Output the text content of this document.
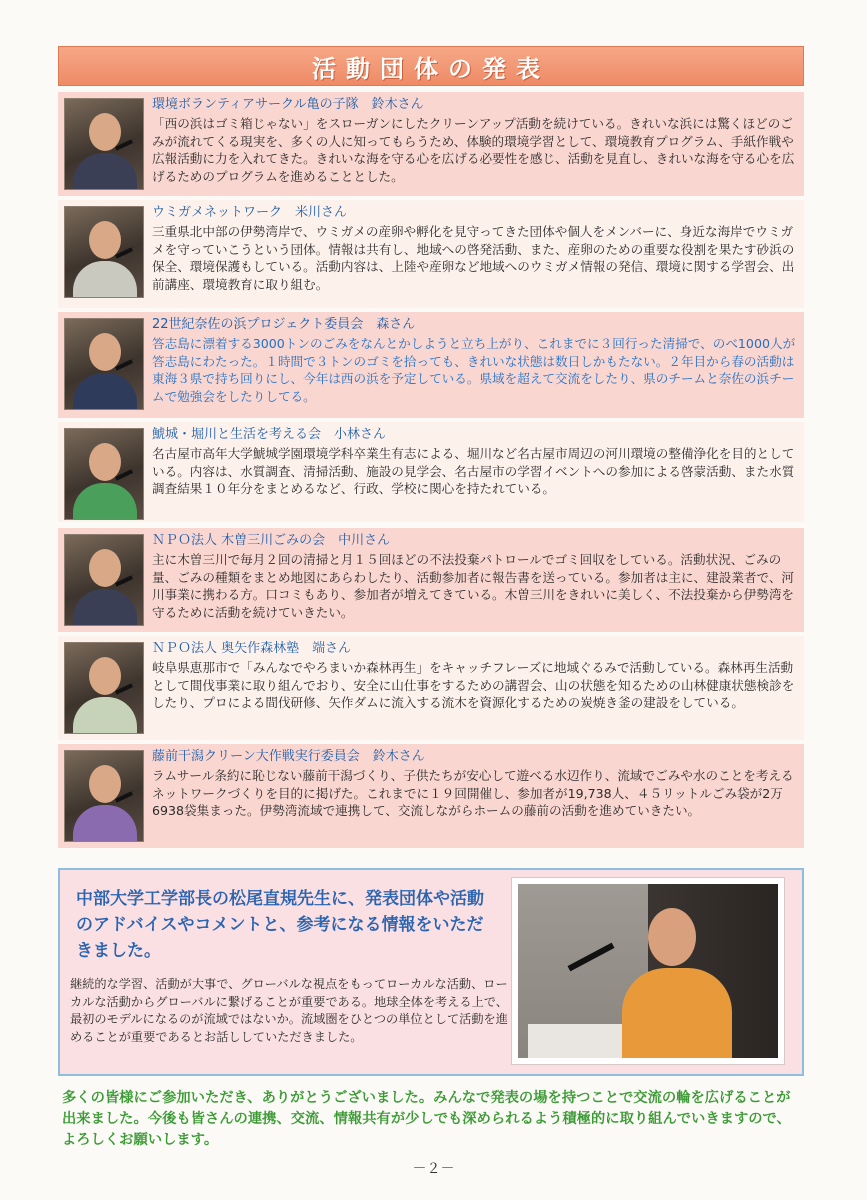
活動団体の発表
環境ボランティアサークル亀の子隊　鈴木さん
「西の浜はゴミ箱じゃない」をスローガンにしたクリーンアップ活動を続けている。きれいな浜には驚くほどのごみが流れてくる現実を、多くの人に知ってもらうため、体験的環境学習として、環境教育プログラム、手紙作戦や広報活動に力を入れてきた。きれいな海を守る心を広げる必要性を感じ、活動を見直し、きれいな海を守る心を広げるためのプログラムを進めることとした。
ウミガメネットワーク　米川さん
三重県北中部の伊勢湾岸で、ウミガメの産卵や孵化を見守ってきた団体や個人をメンバーに、身近な海岸でウミガメを守っていこうという団体。情報は共有し、地域への啓発活動、また、産卵のための重要な役割を果たす砂浜の保全、環境保護もしている。活動内容は、上陸や産卵など地域へのウミガメ情報の発信、環境に関する学習会、出前講座、環境教育に取り組む。
22世紀奈佐の浜プロジェクト委員会　森さん
答志島に漂着する3000トンのごみをなんとかしようと立ち上がり、これまでに３回行った清掃で、のべ1000人が答志島にわたった。１時間で３トンのゴミを拾っても、きれいな状態は数日しかもたない。２年目から春の活動は東海３県で持ち回りにし、今年は西の浜を予定している。県域を超えて交流をしたり、県のチームと奈佐の浜チームで勉強会をしたりしてる。
鯱城・堀川と生活を考える会　小林さん
名古屋市高年大学鯱城学園環境学科卒業生有志による、堀川など名古屋市周辺の河川環境の整備浄化を目的としている。内容は、水質調査、清掃活動、施設の見学会、名古屋市の学習イベントへの参加による啓蒙活動、また水質調査結果１０年分をまとめるなど、行政、学校に関心を持たれている。
ＮＰＯ法人 木曽三川ごみの会　中川さん
主に木曽三川で毎月２回の清掃と月１５回ほどの不法投棄パトロールでゴミ回収をしている。活動状況、ごみの量、ごみの種類をまとめ地図にあらわしたり、活動参加者に報告書を送っている。参加者は主に、建設業者で、河川事業に携わる方。口コミもあり、参加者が増えてきている。木曽三川をきれいに美しく、不法投棄から伊勢湾を守るために活動を続けていきたい。
ＮＰＯ法人 奥矢作森林塾　端さん
岐阜県恵那市で「みんなでやろまいか森林再生」をキャッチフレーズに地域ぐるみで活動している。森林再生活動として間伐事業に取り組んでおり、安全に山仕事をするための講習会、山の状態を知るための山林健康状態検診をしたり、プロによる間伐研修、矢作ダムに流入する流木を資源化するための炭焼き釜の建設をしている。
藤前干潟クリーン大作戦実行委員会　鈴木さん
ラムサール条約に恥じない藤前干潟づくり、子供たちが安心して遊べる水辺作り、流域でごみや水のことを考えるネットワークづくりを目的に掲げた。これまでに１９回開催し、参加者が19,738人、４５リットルごみ袋が2万6938袋集まった。伊勢湾流域で連携して、交流しながらホームの藤前の活動を進めていきたい。
中部大学工学部長の松尾直規先生に、発表団体や活動のアドバイスやコメントと、参考になる情報をいただきました。
継続的な学習、活動が大事で、グローバルな視点をもってローカルな活動、ローカルな活動からグローバルに繋げることが重要である。地球全体を考える上で、最初のモデルになるのが流域ではないか。流域圏をひとつの単位として活動を進めることが重要であるとお話ししていただきました。
多くの皆様にご参加いただき、ありがとうございました。みんなで発表の場を持つことで交流の輪を広げることが出来ました。今後も皆さんの連携、交流、情報共有が少しでも深められるよう積極的に取り組んでいきますので、よろしくお願いします。
－２－
